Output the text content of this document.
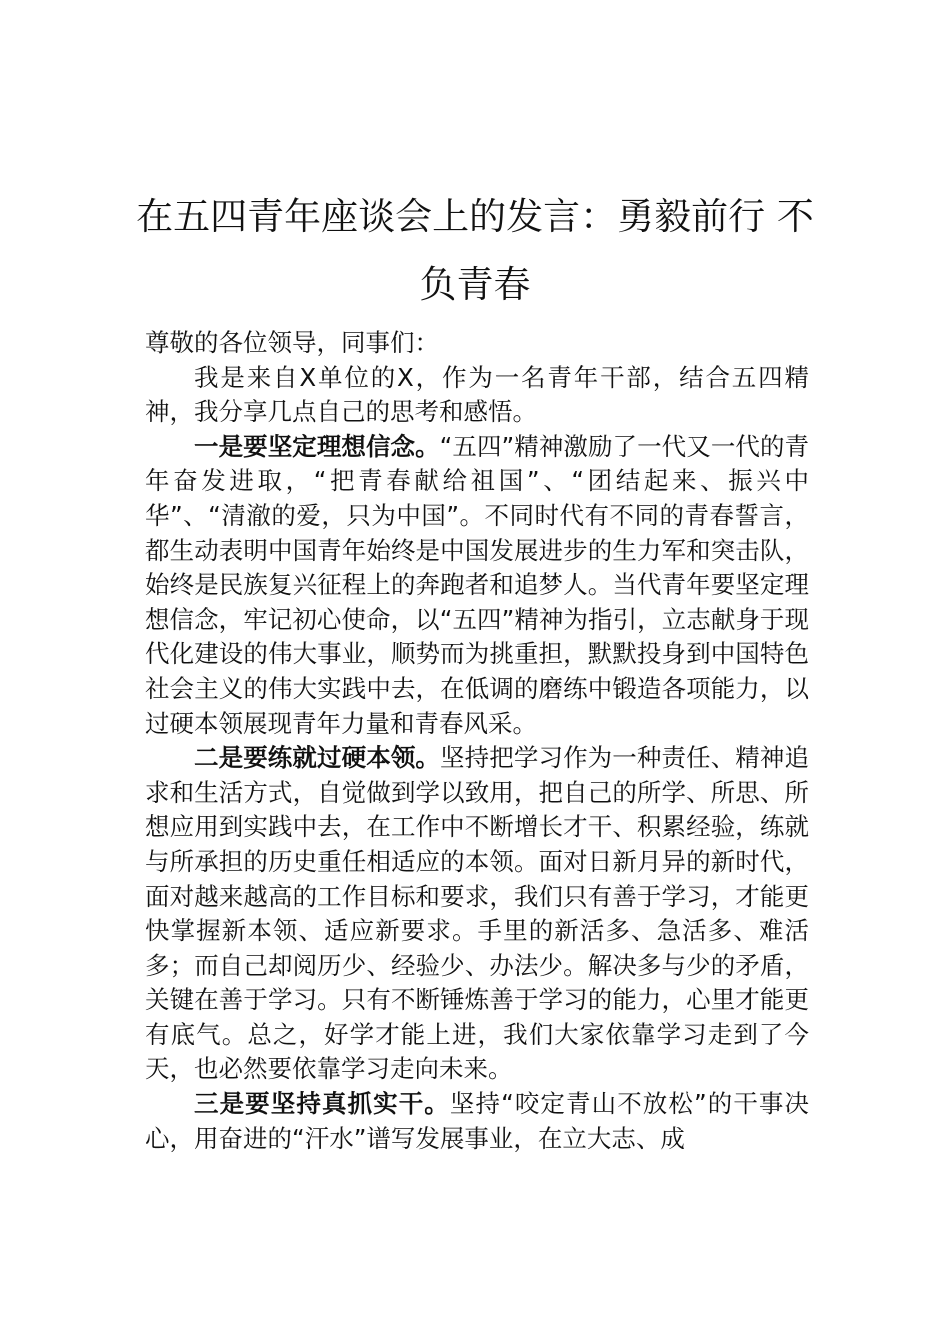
在五四青年座谈会上的发言：勇毅前行 不负青春

尊敬的各位领导，同事们：

我是来自X单位的X，作为一名青年干部，结合五四精神，我分享几点自己的思考和感悟。

一是要坚定理想信念。“五四”精神激励了一代又一代的青年奋发进取，“把青春献给祖国”、“团结起来、振兴中华”、“清澈的爱，只为中国”。不同时代有不同的青春誓言，都生动表明中国青年始终是中国发展进步的生力军和突击队，始终是民族复兴征程上的奔跑者和追梦人。当代青年要坚定理想信念，牢记初心使命，以“五四”精神为指引，立志献身于现代化建设的伟大事业，顺势而为挑重担，默默投身到中国特色社会主义的伟大实践中去，在低调的磨练中锻造各项能力，以过硬本领展现青年力量和青春风采。

二是要练就过硬本领。坚持把学习作为一种责任、精神追求和生活方式，自觉做到学以致用，把自己的所学、所思、所想应用到实践中去，在工作中不断增长才干、积累经验，练就与所承担的历史重任相适应的本领。面对日新月异的新时代，面对越来越高的工作目标和要求，我们只有善于学习，才能更快掌握新本领、适应新要求。手里的新活多、急活多、难活多；而自己却阅历少、经验少、办法少。解决多与少的矛盾，关键在善于学习。只有不断锤炼善于学习的能力，心里才能更有底气。总之，好学才能上进，我们大家依靠学习走到了今天，也必然要依靠学习走向未来。

三是要坚持真抓实干。坚持“咬定青山不放松”的干事决心，用奋进的“汗水”谱写发展事业，在立大志、成
